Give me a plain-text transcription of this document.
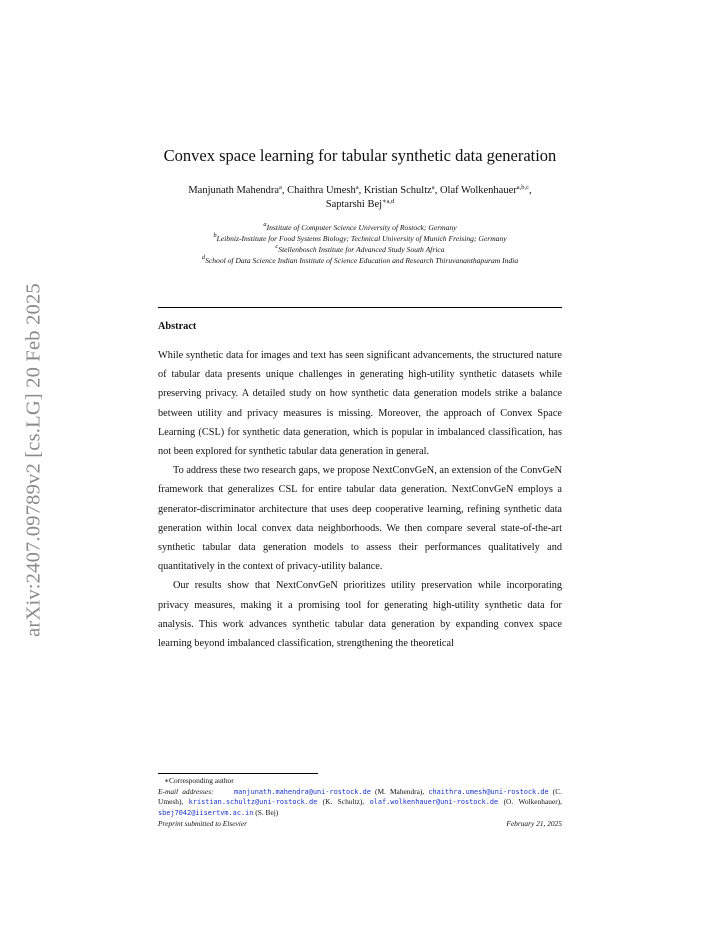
arXiv:2407.09789v2 [cs.LG] 20 Feb 2025
Convex space learning for tabular synthetic data generation
Manjunath Mahendra$^a$, Chaithra Umesh$^a$, Kristian Schultz$^a$, Olaf Wolkenhauer$^{a,b,c}$,
Saptarshi Bej$^{∗a,d}$
$^a$Institute of Computer Science University of Rostock; Germany
$^b$Leibniz-Institute for Food Systems Biology; Technical University of Munich Freising; Germany
$^c$Stellenbosch Institute for Advanced Study South Africa
$^d$School of Data Science Indian Institute of Science Education and Research Thiruvananthapuram India
Abstract

While synthetic data for images and text has seen significant advancements, the structured nature of tabular data presents unique challenges in generating high-utility synthetic datasets while preserving privacy. A detailed study on how synthetic data generation models strike a balance between utility and privacy measures is missing. Moreover, the approach of Convex Space Learning (CSL) for synthetic data generation, which is popular in imbalanced classification, has not been explored for synthetic tabular data generation in general.

To address these two research gaps, we propose NextConvGeN, an extension of the ConvGeN framework that generalizes CSL for entire tabular data generation. NextConvGeN employs a generator-discriminator architecture that uses deep cooperative learning, refining synthetic data generation within local convex data neighborhoods. We then compare several state-of-the-art synthetic tabular data generation models to assess their performances qualitatively and quantitatively in the context of privacy-utility balance.

Our results show that NextConvGeN prioritizes utility preservation while incorporating privacy measures, making it a promising tool for generating high-utility synthetic data for analysis. This work advances synthetic tabular data generation by expanding convex space learning beyond imbalanced classification, strengthening the theoretical

∗Corresponding author
E-mail addresses:	manjunath.mahendra@uni-rostock.de (M. Mahendra), chaithra.umesh@uni-rostock.de (C. Umesh), kristian.schultz@uni-rostock.de (K. Schultz), olaf.wolkenhauer@uni-rostock.de (O. Wolkenhauer), sbej7042@iisertvm.ac.in (S. Bej)
Preprint submitted to Elsevier	February 21, 2025
